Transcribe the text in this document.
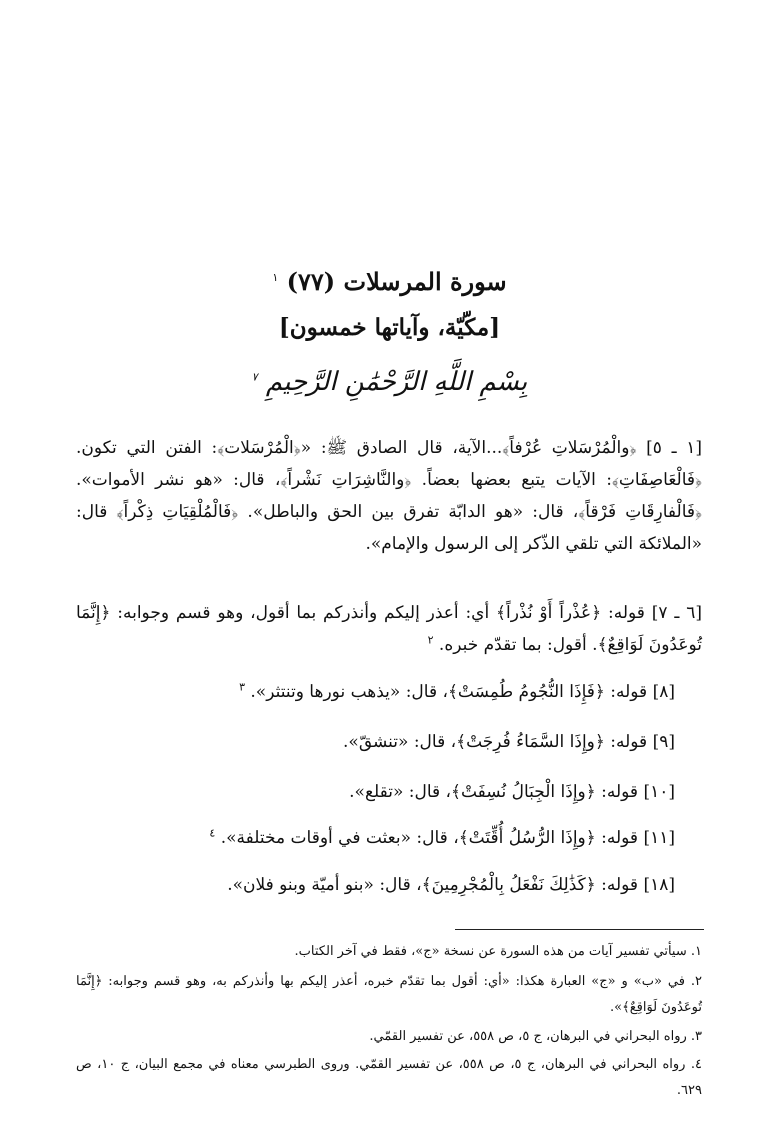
سورة المرسلات (٧٧) $^١$
[مكّيّة، وآياتها خمسون]
بِسْمِ اللَّهِ الرَّحْمَٰنِ الرَّحِيمِ $^٧$
[١ ـ ٥] ﴿والْمُرْسَلاتِ عُرْفاً﴾...الآية، قال الصادق ﷺ: «﴿الْمُرْسَلات﴾: الفتن التي تكون. ﴿فَالْعَاصِفَاتِ﴾: الآيات يتبع بعضها بعضاً. ﴿والنَّاشِرَاتِ نَشْراً﴾، قال: «هو نشر الأموات». ﴿فَالْفارِقَاتِ فَرْقاً﴾، قال: «هو الدابّة تفرق بين الحق والباطل». ﴿فَالْمُلْقِيَاتِ ذِكْراً﴾ قال: «الملائكة التي تلقي الذّكر إلى الرسول والإمام».
[٦ ـ ٧] قوله: ﴿عُذْراً أَوْ نُذْراً﴾ أي: أعذر إليكم وأنذركم بما أقول، وهو قسم وجوابه: ﴿إِنَّمَا تُوعَدُونَ لَوَاقِعٌ﴾. أقول: بما تقدّم خبره. $^٢$
[٨] قوله: ﴿فَإِذَا النُّجُومُ طُمِسَتْ﴾، قال: «يذهب نورها وتنتثر». $^٣$
[٩] قوله: ﴿وإِذَا السَّمَاءُ فُرِجَتْ﴾، قال: «تنشقّ».
[١٠] قوله: ﴿وإِذَا الْجِبَالُ نُسِفَتْ﴾، قال: «تقلع».
[١١] قوله: ﴿وإِذَا الرُّسُلُ أُقِّتَتْ﴾، قال: «بعثت في أوقات مختلفة». $^٤$
[١٨] قوله: ﴿كَذَٰلِكَ نَفْعَلُ بِالْمُجْرِمِينَ﴾، قال: «بنو أميّة وبنو فلان».
١. سيأتي تفسير آيات من هذه السورة عن نسخة «ج»، فقط في آخر الكتاب.
٢. في «ب» و «ج» العبارة هكذا: «أي: أقول بما تقدّم خبره، أعذر إليكم بها وأنذركم به، وهو قسم وجوابه: ﴿إِنَّمَا تُوعَدُونَ لَوَاقِعٌ﴾».
٣. رواه البحراني في البرهان، ج ٥، ص ٥٥٨، عن تفسير القمّي.
٤. رواه البحراني في البرهان، ج ٥، ص ٥٥٨، عن تفسير القمّي. وروى الطبرسي معناه في مجمع البيان، ج ١٠، ص ٦٢٩.
